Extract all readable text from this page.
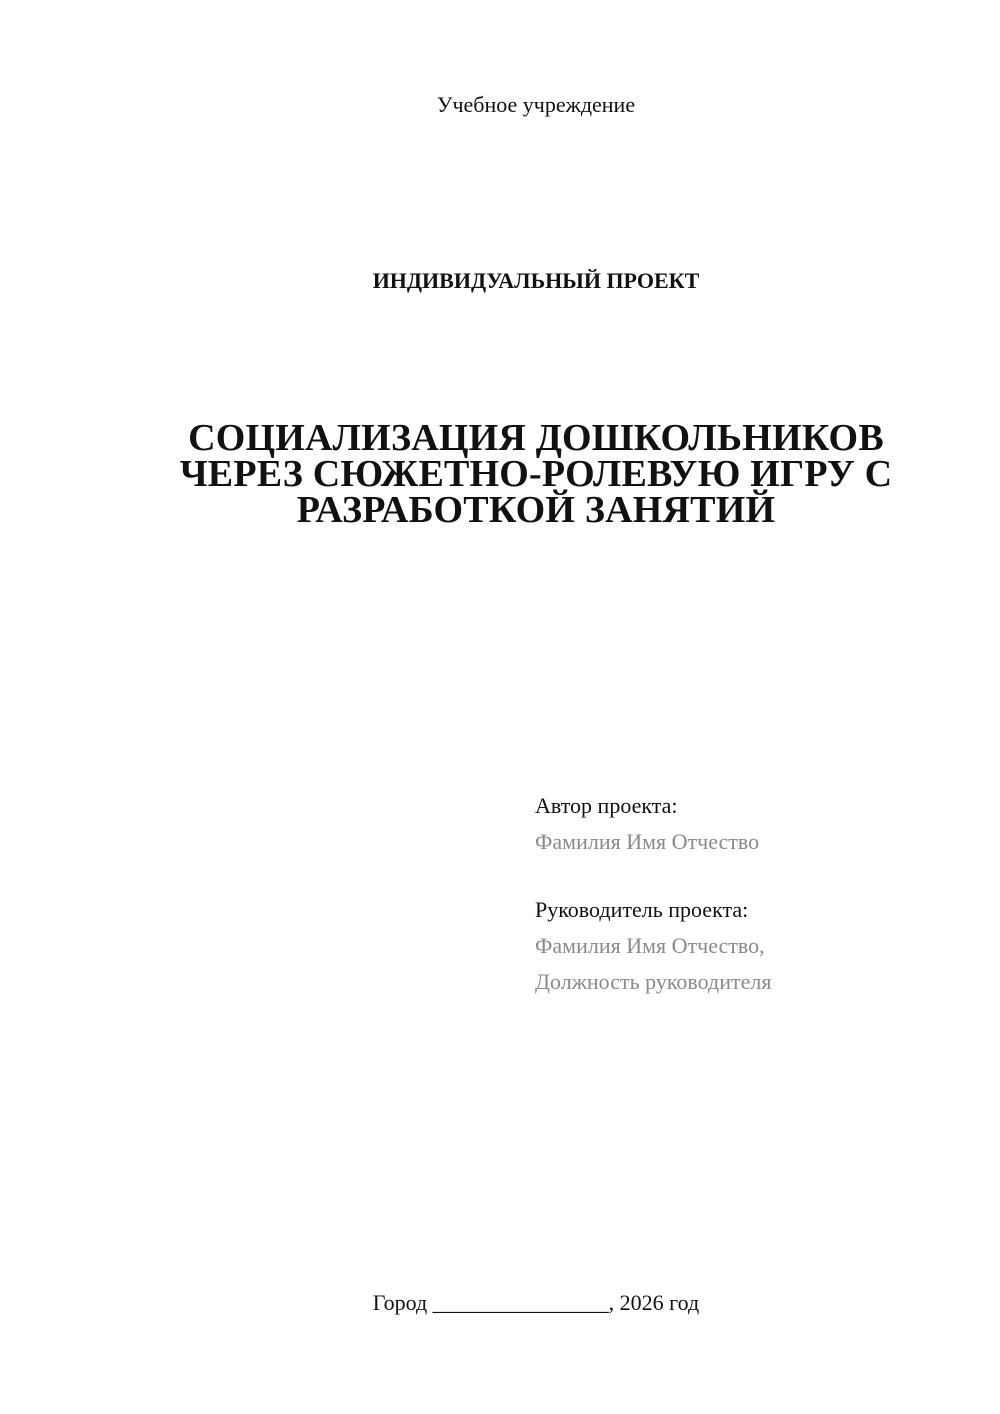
Учебное учреждение
ИНДИВИДУАЛЬНЫЙ ПРОЕКТ
СОЦИАЛИЗАЦИЯ ДОШКОЛЬНИКОВ
ЧЕРЕЗ СЮЖЕТНО-РОЛЕВУЮ ИГРУ С
РАЗРАБОТКОЙ ЗАНЯТИЙ
Автор проекта:
Фамилия Имя Отчество
Руководитель проекта:
Фамилия Имя Отчество,
Должность руководителя
Город ________________, 2026 год
